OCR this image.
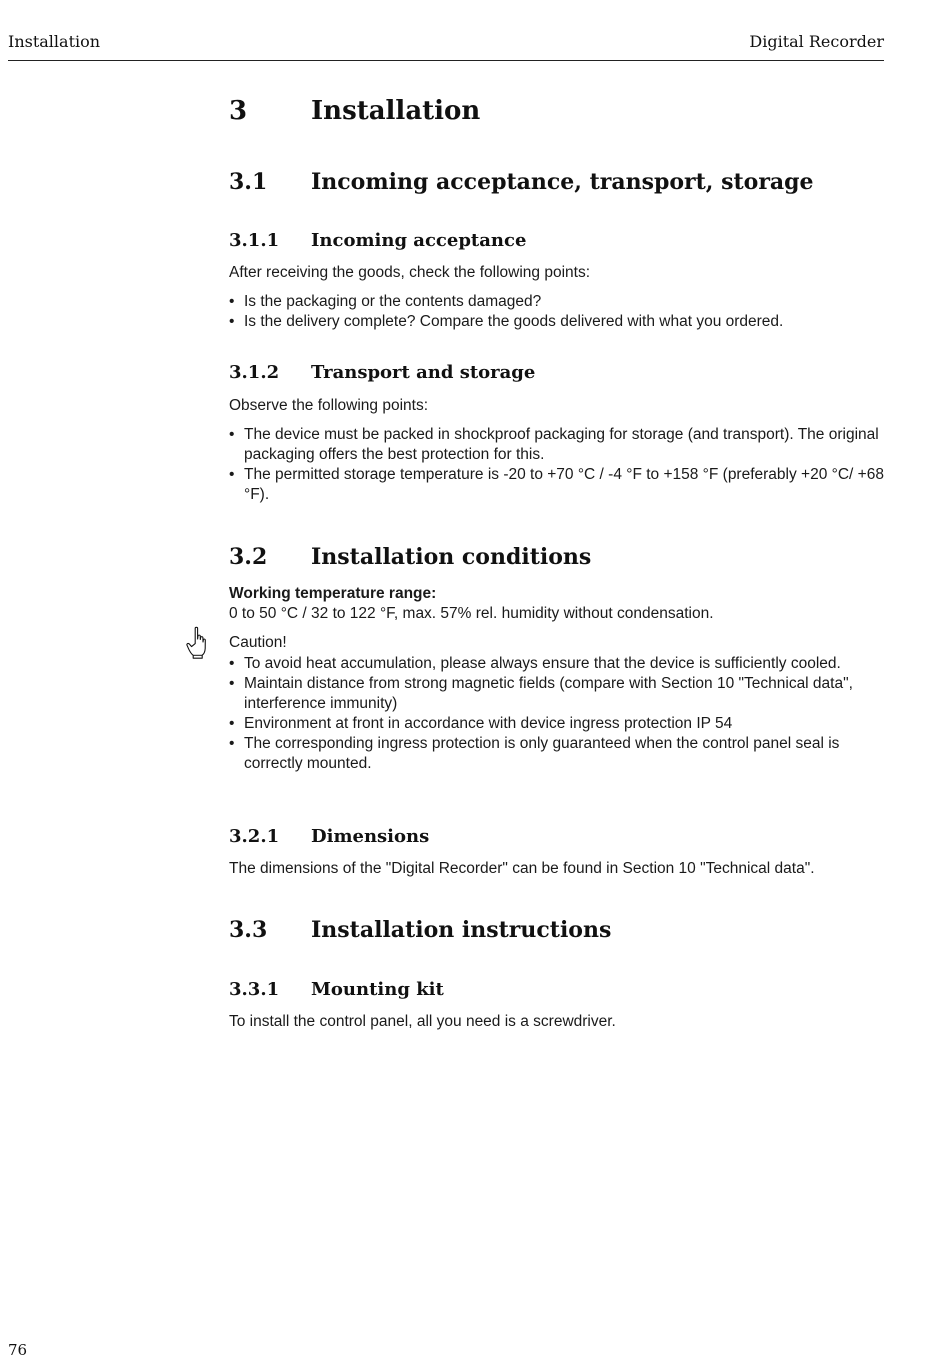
Installation	Digital Recorder
3 Installation
3.1 Incoming acceptance, transport, storage
3.1.1 Incoming acceptance

After receiving the goods, check the following points:

• Is the packaging or the contents damaged?
• Is the delivery complete? Compare the goods delivered with what you ordered.
3.1.2 Transport and storage

Observe the following points:

• The device must be packed in shockproof packaging for storage (and transport). The original packaging offers the best protection for this.
• The permitted storage temperature is -20 to +70 °C / -4 °F to +158 °F (preferably +20 °C/ +68 °F).
3.2 Installation conditions

Working temperature range:

0 to 50 °C / 32 to 122 °F, max. 57% rel. humidity without condensation.

Caution!

• To avoid heat accumulation, please always ensure that the device is sufficiently cooled.
• Maintain distance from strong magnetic fields (compare with Section 10 "Technical data", interference immunity)
• Environment at front in accordance with device ingress protection IP 54
• The corresponding ingress protection is only guaranteed when the control panel seal is correctly mounted.
3.2.1 Dimensions

The dimensions of the "Digital Recorder" can be found in Section 10 "Technical data".

3.3 Installation instructions
3.3.1 Mounting kit

To install the control panel, all you need is a screwdriver.

76
